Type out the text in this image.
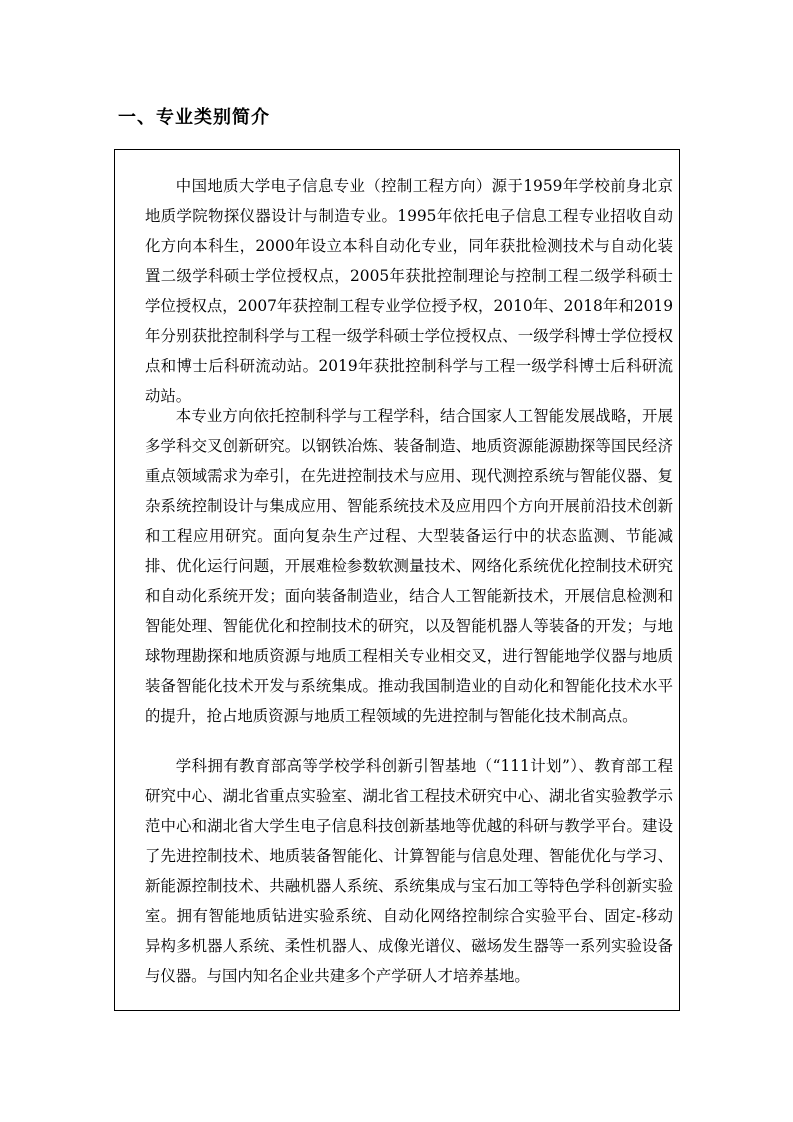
一、专业类别简介

中国地质大学电子信息专业（控制工程方向）源于1959年学校前身北京地质学院物探仪器设计与制造专业。1995年依托电子信息工程专业招收自动化方向本科生，2000年设立本科自动化专业，同年获批检测技术与自动化装置二级学科硕士学位授权点，2005年获批控制理论与控制工程二级学科硕士学位授权点，2007年获控制工程专业学位授予权，2010年、2018年和2019年分别获批控制科学与工程一级学科硕士学位授权点、一级学科博士学位授权点和博士后科研流动站。2019年获批控制科学与工程一级学科博士后科研流动站。

本专业方向依托控制科学与工程学科，结合国家人工智能发展战略，开展多学科交叉创新研究。以钢铁冶炼、装备制造、地质资源能源勘探等国民经济重点领域需求为牵引，在先进控制技术与应用、现代测控系统与智能仪器、复杂系统控制设计与集成应用、智能系统技术及应用四个方向开展前沿技术创新和工程应用研究。面向复杂生产过程、大型装备运行中的状态监测、节能减排、优化运行问题，开展难检参数软测量技术、网络化系统优化控制技术研究和自动化系统开发；面向装备制造业，结合人工智能新技术，开展信息检测和智能处理、智能优化和控制技术的研究，以及智能机器人等装备的开发；与地球物理勘探和地质资源与地质工程相关专业相交叉，进行智能地学仪器与地质装备智能化技术开发与系统集成。推动我国制造业的自动化和智能化技术水平的提升，抢占地质资源与地质工程领域的先进控制与智能化技术制高点。

学科拥有教育部高等学校学科创新引智基地（“111计划”）、教育部工程研究中心、湖北省重点实验室、湖北省工程技术研究中心、湖北省实验教学示范中心和湖北省大学生电子信息科技创新基地等优越的科研与教学平台。建设了先进控制技术、地质装备智能化、计算智能与信息处理、智能优化与学习、新能源控制技术、共融机器人系统、系统集成与宝石加工等特色学科创新实验室。拥有智能地质钻进实验系统、自动化网络控制综合实验平台、固定-移动异构多机器人系统、柔性机器人、成像光谱仪、磁场发生器等一系列实验设备与仪器。与国内知名企业共建多个产学研人才培养基地。
